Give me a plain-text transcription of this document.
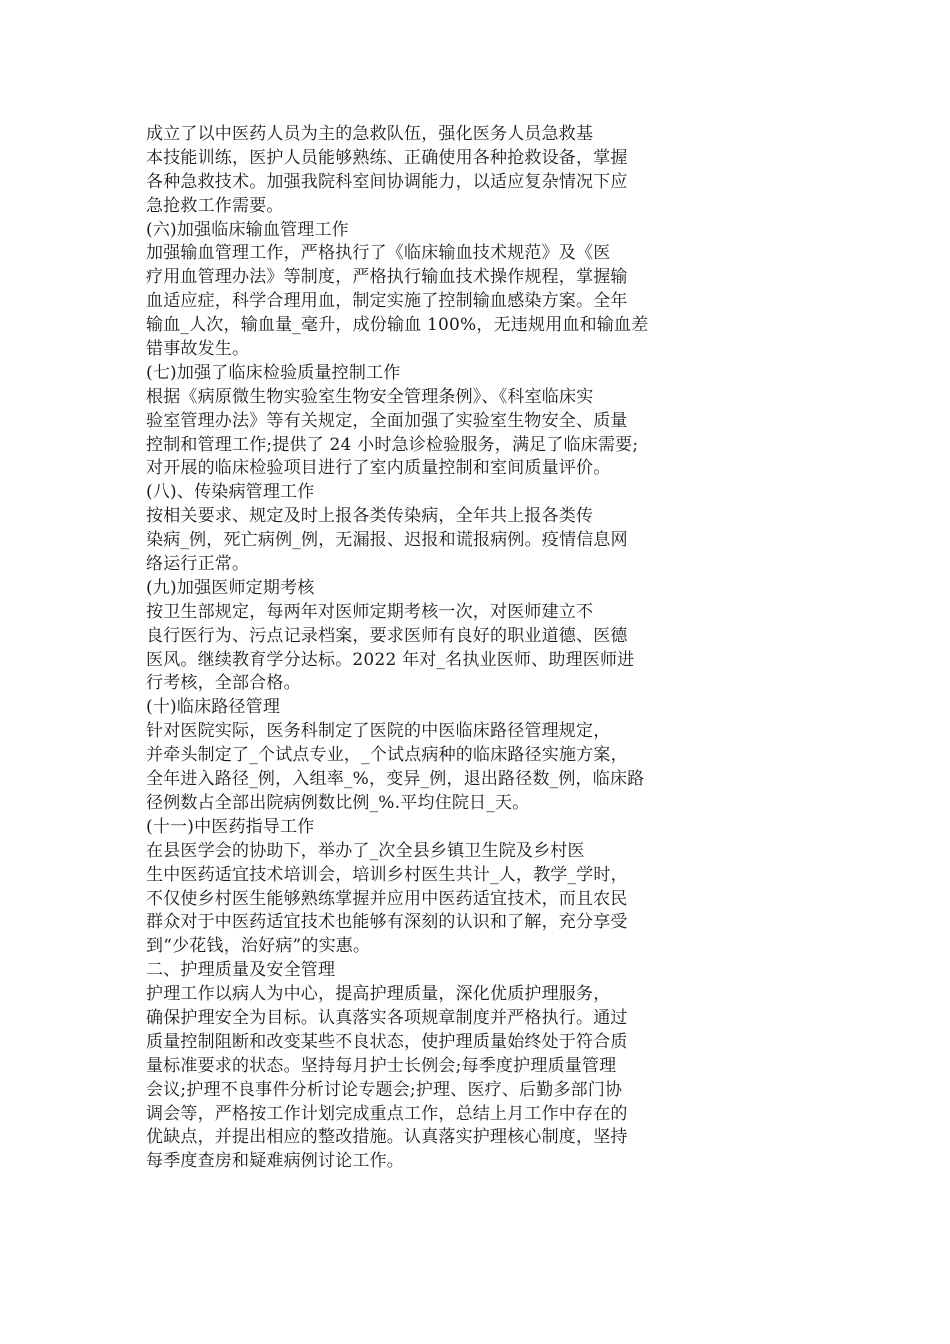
成立了以中医药人员为主的急救队伍，强化医务人员急救基
本技能训练，医护人员能够熟练、正确使用各种抢救设备，掌握
各种急救技术。加强我院科室间协调能力，以适应复杂情况下应
急抢救工作需要。
(六)加强临床输血管理工作
加强输血管理工作，严格执行了《临床输血技术规范》及《医
疗用血管理办法》等制度，严格执行输血技术操作规程，掌握输
血适应症，科学合理用血，制定实施了控制输血感染方案。全年
输血_人次，输血量_毫升，成份输血 100%，无违规用血和输血差
错事故发生。
(七)加强了临床检验质量控制工作
根据《病原微生物实验室生物安全管理条例》、《科室临床实
验室管理办法》等有关规定，全面加强了实验室生物安全、质量
控制和管理工作;提供了 24 小时急诊检验服务，满足了临床需要;
对开展的临床检验项目进行了室内质量控制和室间质量评价。
(八)、传染病管理工作
按相关要求、规定及时上报各类传染病，全年共上报各类传
染病_例，死亡病例_例，无漏报、迟报和谎报病例。疫情信息网
络运行正常。
(九)加强医师定期考核
按卫生部规定，每两年对医师定期考核一次，对医师建立不
良行医行为、污点记录档案，要求医师有良好的职业道德、医德
医风。继续教育学分达标。2022 年对_名执业医师、助理医师进
行考核，全部合格。
(十)临床路径管理
针对医院实际，医务科制定了医院的中医临床路径管理规定，
并牵头制定了_个试点专业，_个试点病种的临床路径实施方案，
全年进入路径_例，入组率_%，变异_例，退出路径数_例，临床路
径例数占全部出院病例数比例_%.平均住院日_天。
(十一)中医药指导工作
在县医学会的协助下，举办了_次全县乡镇卫生院及乡村医
生中医药适宜技术培训会，培训乡村医生共计_人，教学_学时，
不仅使乡村医生能够熟练掌握并应用中医药适宜技术，而且农民
群众对于中医药适宜技术也能够有深刻的认识和了解，充分享受
到“少花钱，治好病”的实惠。
二、护理质量及安全管理
护理工作以病人为中心，提高护理质量，深化优质护理服务，
确保护理安全为目标。认真落实各项规章制度并严格执行。通过
质量控制阻断和改变某些不良状态，使护理质量始终处于符合质
量标准要求的状态。坚持每月护士长例会;每季度护理质量管理
会议;护理不良事件分析讨论专题会;护理、医疗、后勤多部门协
调会等，严格按工作计划完成重点工作，总结上月工作中存在的
优缺点，并提出相应的整改措施。认真落实护理核心制度，坚持
每季度查房和疑难病例讨论工作。
